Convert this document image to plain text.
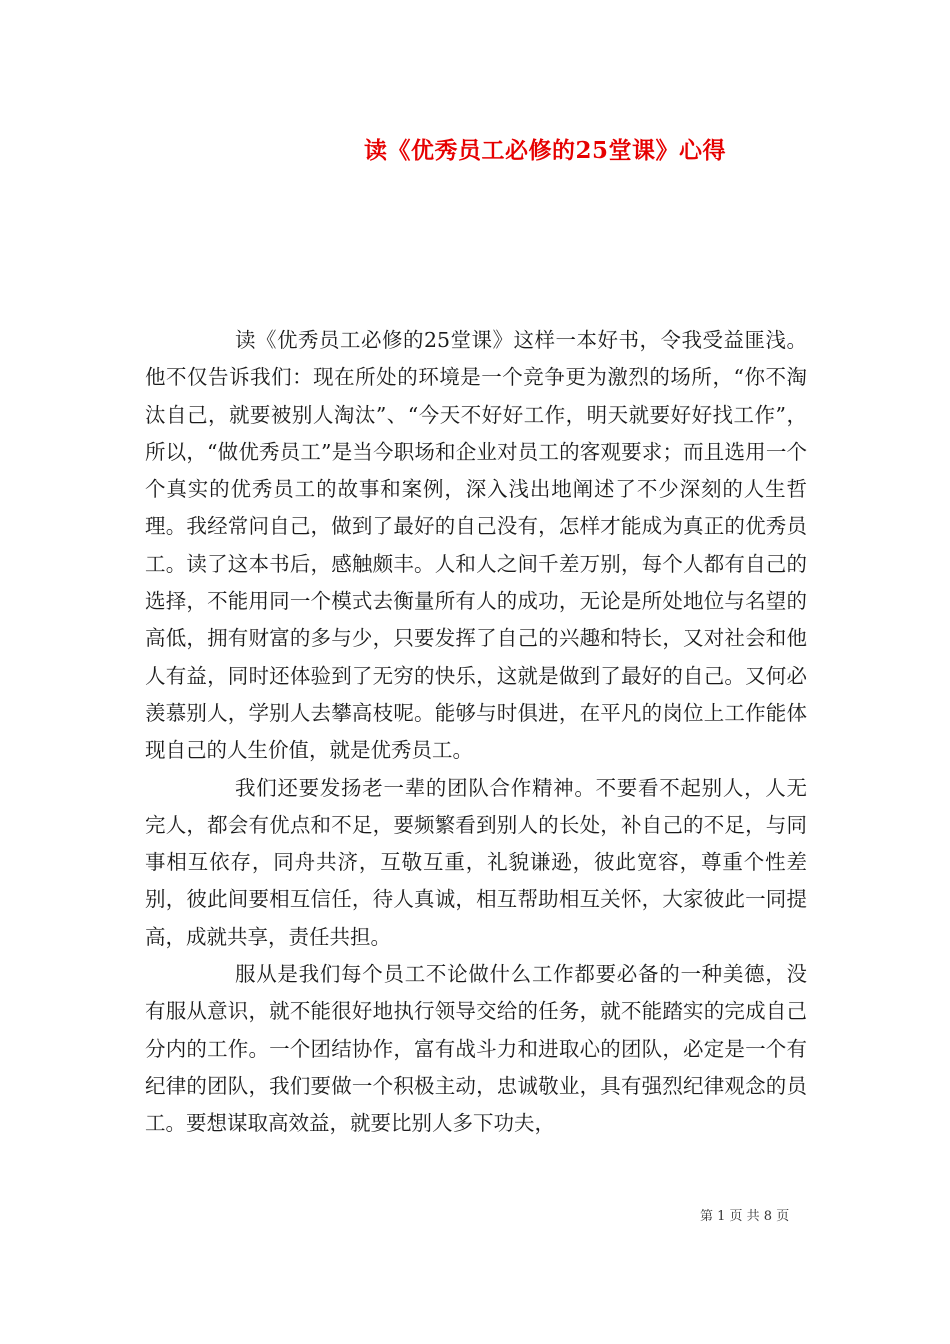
读《优秀员工必修的25堂课》心得

读《优秀员工必修的25堂课》这样一本好书，令我受益匪浅。他不仅告诉我们：现在所处的环境是一个竞争更为激烈的场所，“你不淘汰自己，就要被别人淘汰”、“今天不好好工作，明天就要好好找工作”，所以，“做优秀员工”是当今职场和企业对员工的客观要求；而且选用一个个真实的优秀员工的故事和案例，深入浅出地阐述了不少深刻的人生哲理。我经常问自己，做到了最好的自己没有，怎样才能成为真正的优秀员工。读了这本书后，感触颇丰。人和人之间千差万别，每个人都有自己的选择，不能用同一个模式去衡量所有人的成功，无论是所处地位与名望的高低，拥有财富的多与少，只要发挥了自己的兴趣和特长，又对社会和他人有益，同时还体验到了无穷的快乐，这就是做到了最好的自己。又何必羡慕别人，学别人去攀高枝呢。能够与时俱进，在平凡的岗位上工作能体现自己的人生价值，就是优秀员工。

我们还要发扬老一辈的团队合作精神。不要看不起别人，人无完人，都会有优点和不足，要频繁看到别人的长处，补自己的不足，与同事相互依存，同舟共济，互敬互重，礼貌谦逊，彼此宽容，尊重个性差别，彼此间要相互信任，待人真诚，相互帮助相互关怀，大家彼此一同提高，成就共享，责任共担。

服从是我们每个员工不论做什么工作都要必备的一种美德，没有服从意识，就不能很好地执行领导交给的任务，就不能踏实的完成自己分内的工作。一个团结协作，富有战斗力和进取心的团队，必定是一个有纪律的团队，我们要做一个积极主动，忠诚敬业，具有强烈纪律观念的员工。要想谋取高效益，就要比别人多下功夫，

第 1 页 共 8 页
